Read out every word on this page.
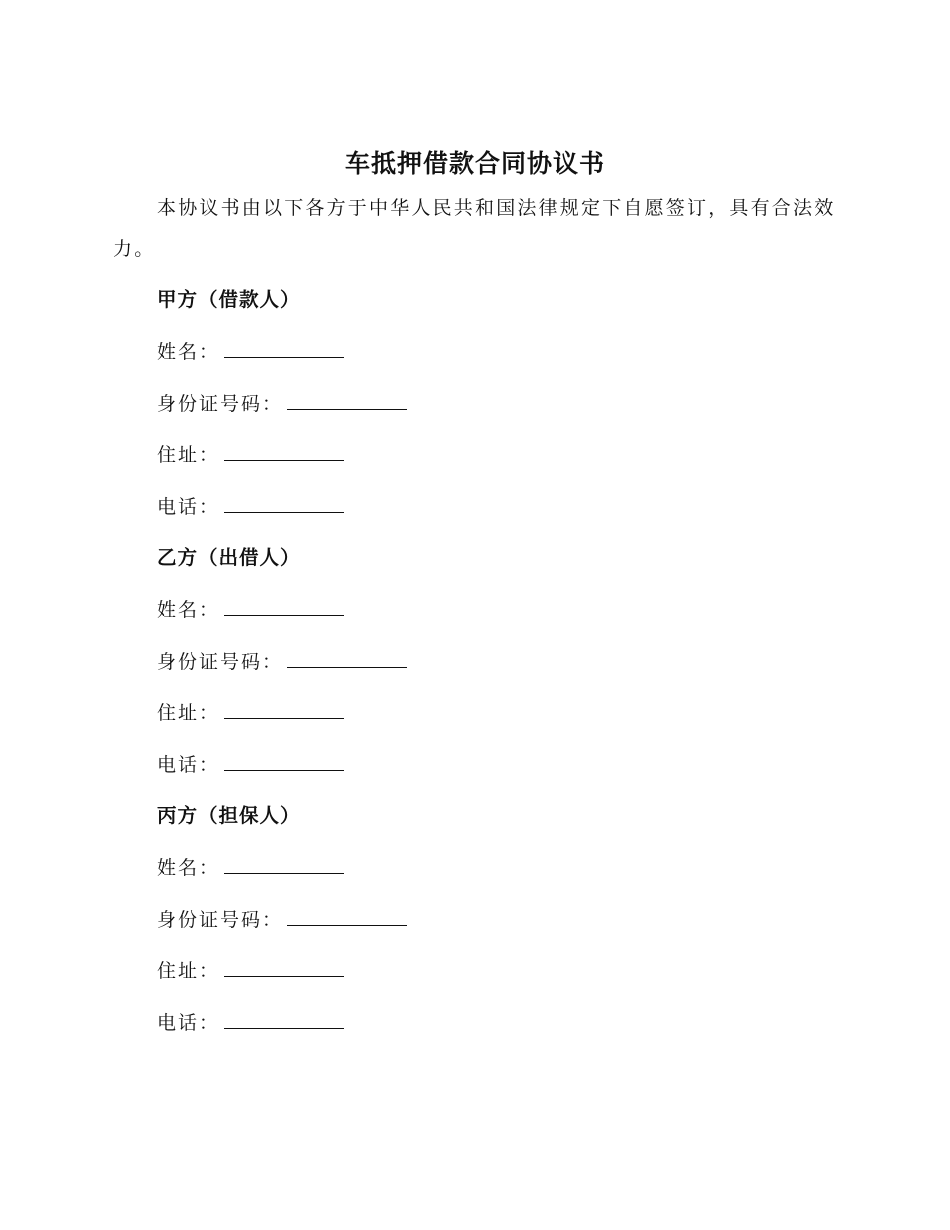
车抵押借款合同协议书

本协议书由以下各方于中华人民共和国法律规定下自愿签订，具有合法效力。

甲方（借款人）
姓名：
身份证号码：
住址：
电话：
乙方（出借人）
姓名：
身份证号码：
住址：
电话：
丙方（担保人）
姓名：
身份证号码：
住址：
电话：
